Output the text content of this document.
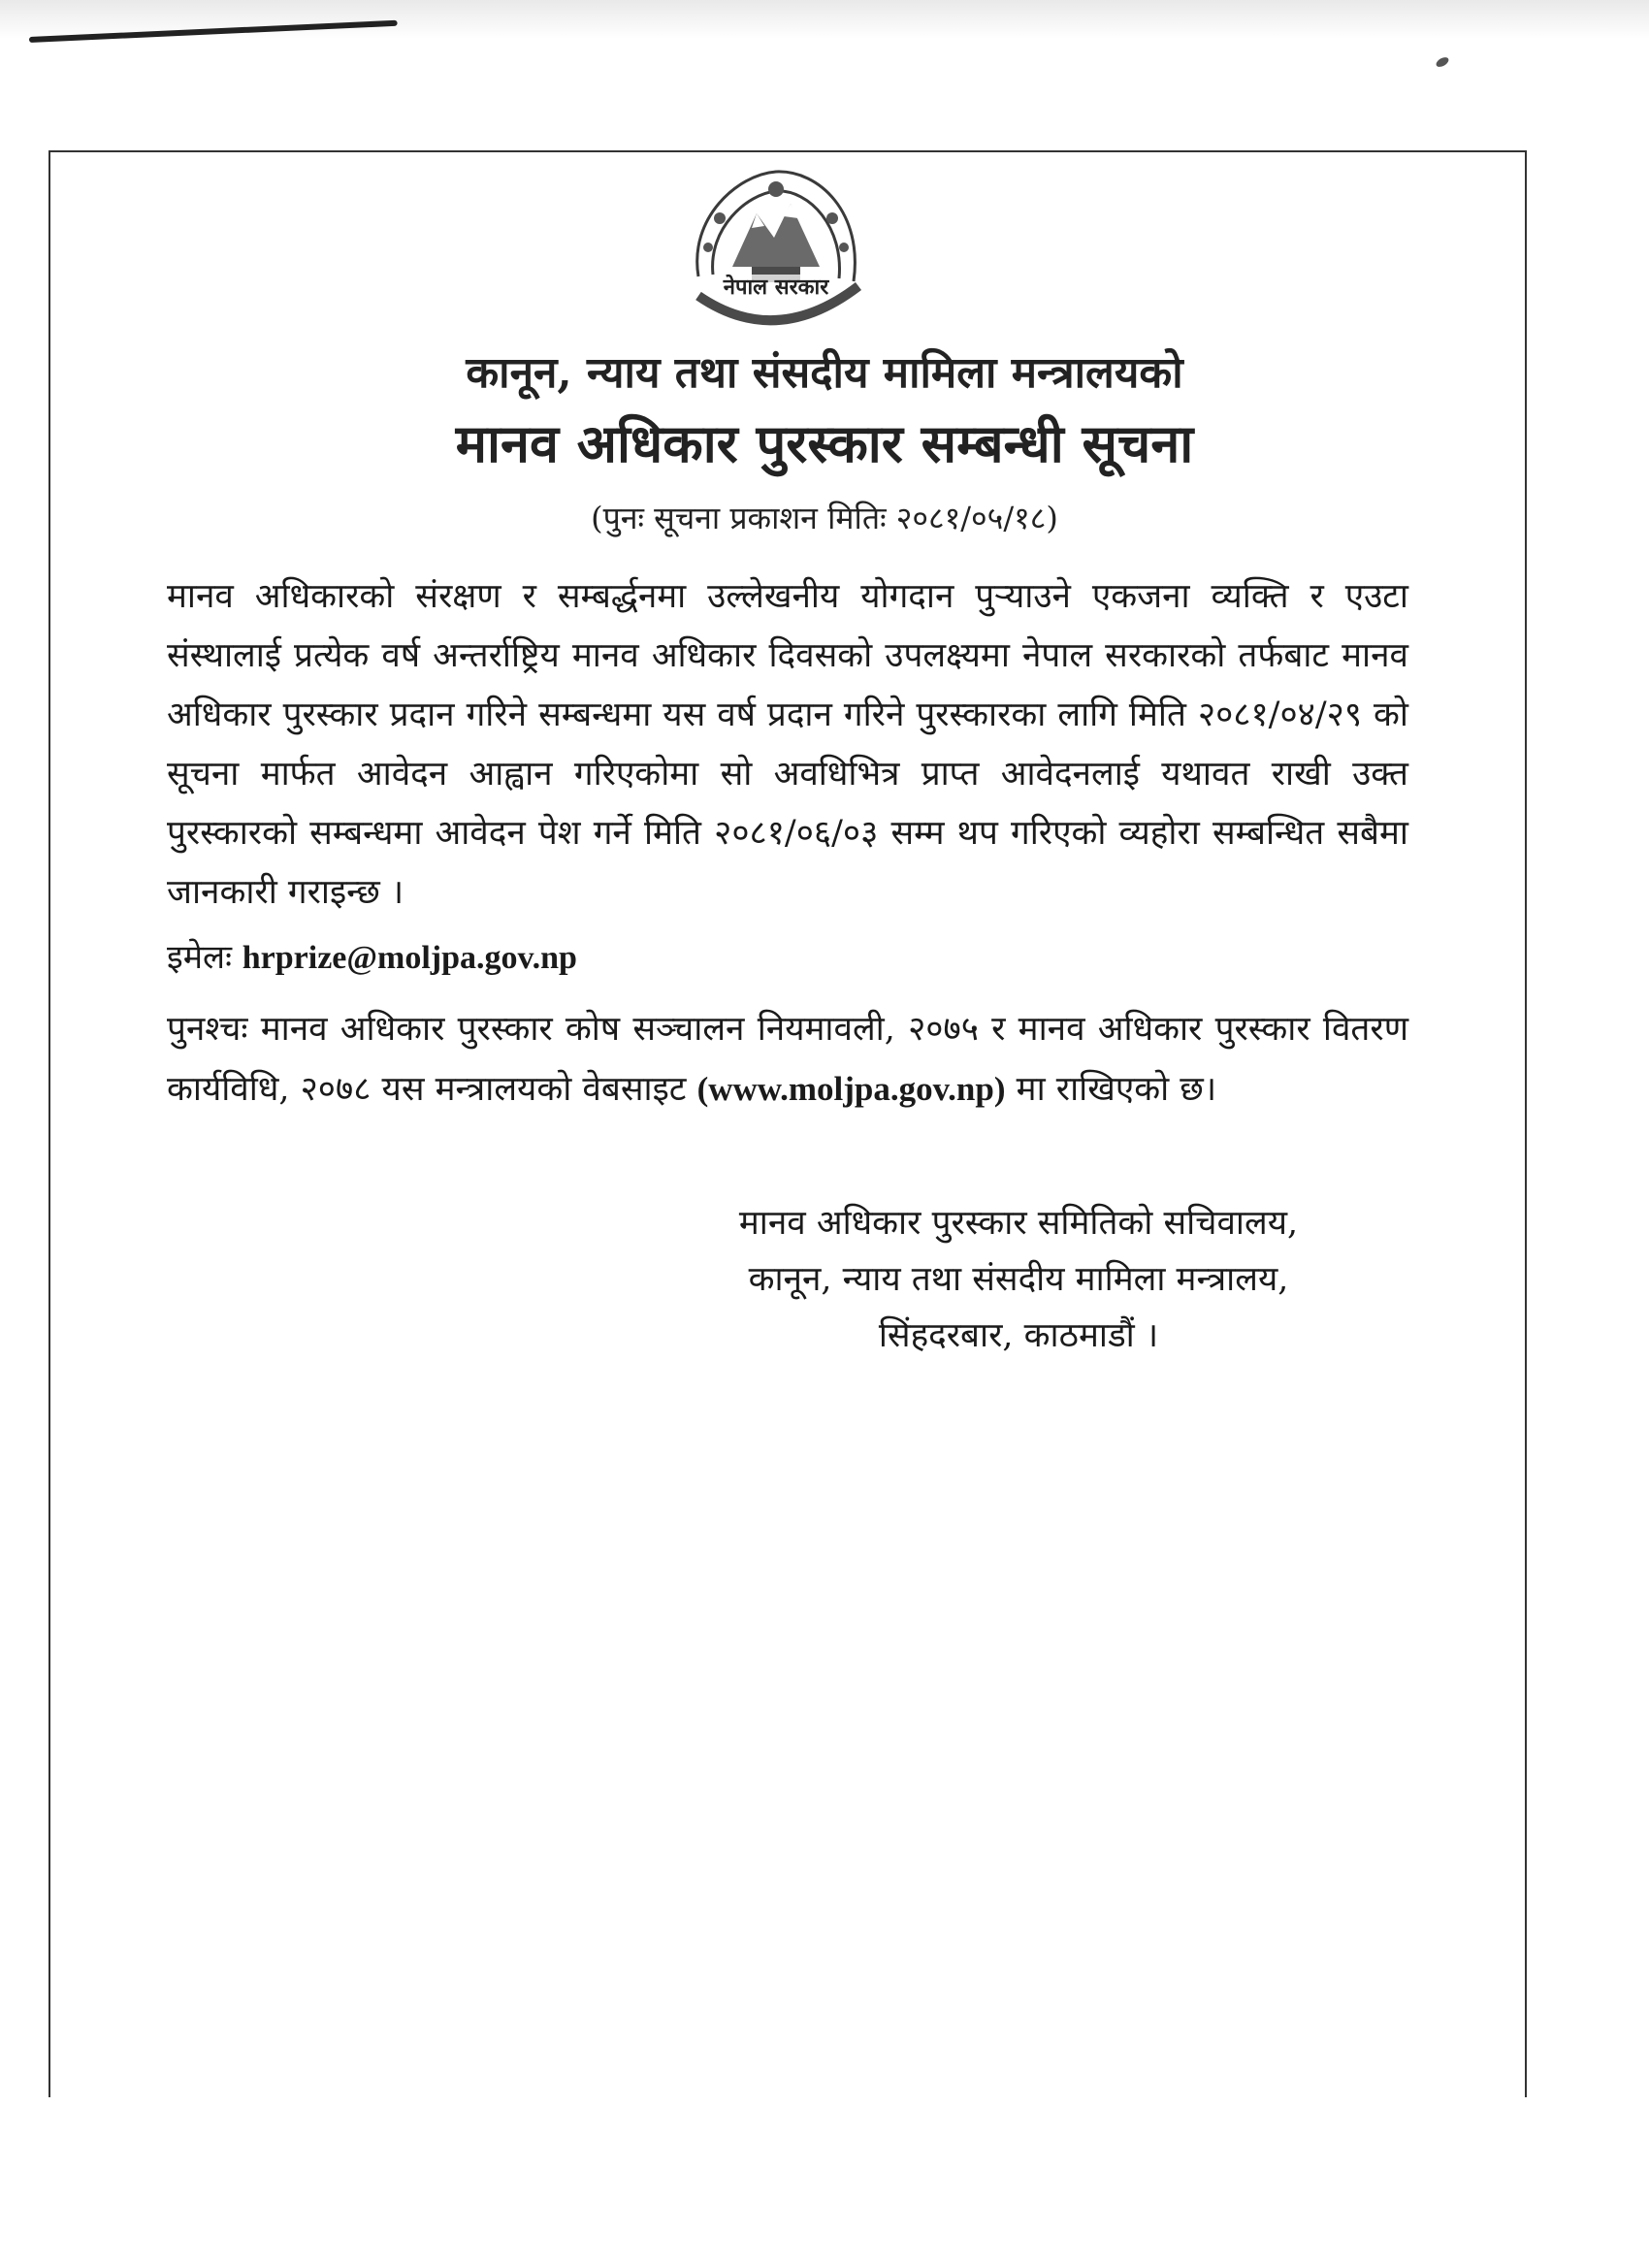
नेपाल सरकार
कानून, न्याय तथा संसदीय मामिला मन्त्रालयको
मानव अधिकार पुरस्कार सम्बन्धी सूचना
(पुनः सूचना प्रकाशन मितिः २०८१/०५/१८)
मानव अधिकारको संरक्षण र सम्बर्द्धनमा उल्लेखनीय योगदान पुऱ्याउने एकजना व्यक्ति र एउटा संस्थालाई प्रत्येक वर्ष अन्तर्राष्ट्रिय मानव अधिकार दिवसको उपलक्ष्यमा नेपाल सरकारको तर्फबाट मानव अधिकार पुरस्कार प्रदान गरिने सम्बन्धमा यस वर्ष प्रदान गरिने पुरस्कारका लागि मिति २०८१/०४/२९ को सूचना मार्फत आवेदन आह्वान गरिएकोमा सो अवधिभित्र प्राप्त आवेदनलाई यथावत राखी उक्त पुरस्कारको सम्बन्धमा आवेदन पेश गर्ने मिति २०८१/०६/०३ सम्म थप गरिएको व्यहोरा सम्बन्धित सबैमा जानकारी गराइन्छ ।
इमेलः hrprize@moljpa.gov.np
पुनश्चः मानव अधिकार पुरस्कार कोष सञ्चालन नियमावली, २०७५ र मानव अधिकार पुरस्कार वितरण कार्यविधि, २०७८ यस मन्त्रालयको वेबसाइट (www.moljpa.gov.np) मा राखिएको छ।
मानव अधिकार पुरस्कार समितिको सचिवालय,
कानून, न्याय तथा संसदीय मामिला मन्त्रालय,
सिंहदरबार, काठमाडौं ।
